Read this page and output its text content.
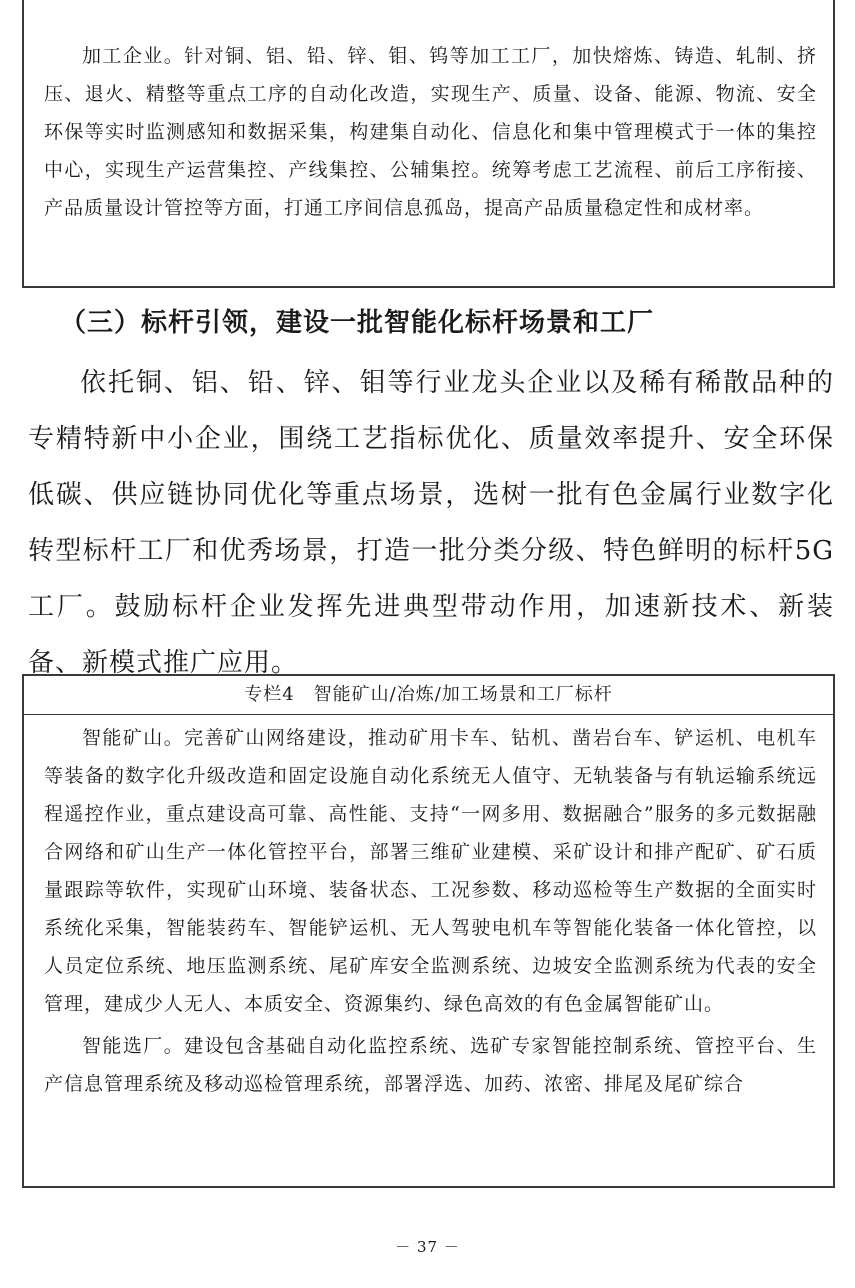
加工企业。针对铜、铝、铅、锌、钼、钨等加工工厂，加快熔炼、铸造、轧制、挤压、退火、精整等重点工序的自动化改造，实现生产、质量、设备、能源、物流、安全环保等实时监测感知和数据采集，构建集自动化、信息化和集中管理模式于一体的集控中心，实现生产运营集控、产线集控、公辅集控。统筹考虑工艺流程、前后工序衔接、产品质量设计管控等方面，打通工序间信息孤岛，提高产品质量稳定性和成材率。

（三）标杆引领，建设一批智能化标杆场景和工厂

依托铜、铝、铅、锌、钼等行业龙头企业以及稀有稀散品种的专精特新中小企业，围绕工艺指标优化、质量效率提升、安全环保低碳、供应链协同优化等重点场景，选树一批有色金属行业数字化转型标杆工厂和优秀场景，打造一批分类分级、特色鲜明的标杆5G工厂。鼓励标杆企业发挥先进典型带动作用，加速新技术、新装备、新模式推广应用。

专栏4　智能矿山/冶炼/加工场景和工厂标杆

智能矿山。完善矿山网络建设，推动矿用卡车、钻机、凿岩台车、铲运机、电机车等装备的数字化升级改造和固定设施自动化系统无人值守、无轨装备与有轨运输系统远程遥控作业，重点建设高可靠、高性能、支持“一网多用、数据融合”服务的多元数据融合网络和矿山生产一体化管控平台，部署三维矿业建模、采矿设计和排产配矿、矿石质量跟踪等软件，实现矿山环境、装备状态、工况参数、移动巡检等生产数据的全面实时系统化采集，智能装药车、智能铲运机、无人驾驶电机车等智能化装备一体化管控，以人员定位系统、地压监测系统、尾矿库安全监测系统、边坡安全监测系统为代表的安全管理，建成少人无人、本质安全、资源集约、绿色高效的有色金属智能矿山。

智能选厂。建设包含基础自动化监控系统、选矿专家智能控制系统、管控平台、生产信息管理系统及移动巡检管理系统，部署浮选、加药、浓密、排尾及尾矿综合

－ 37 －
